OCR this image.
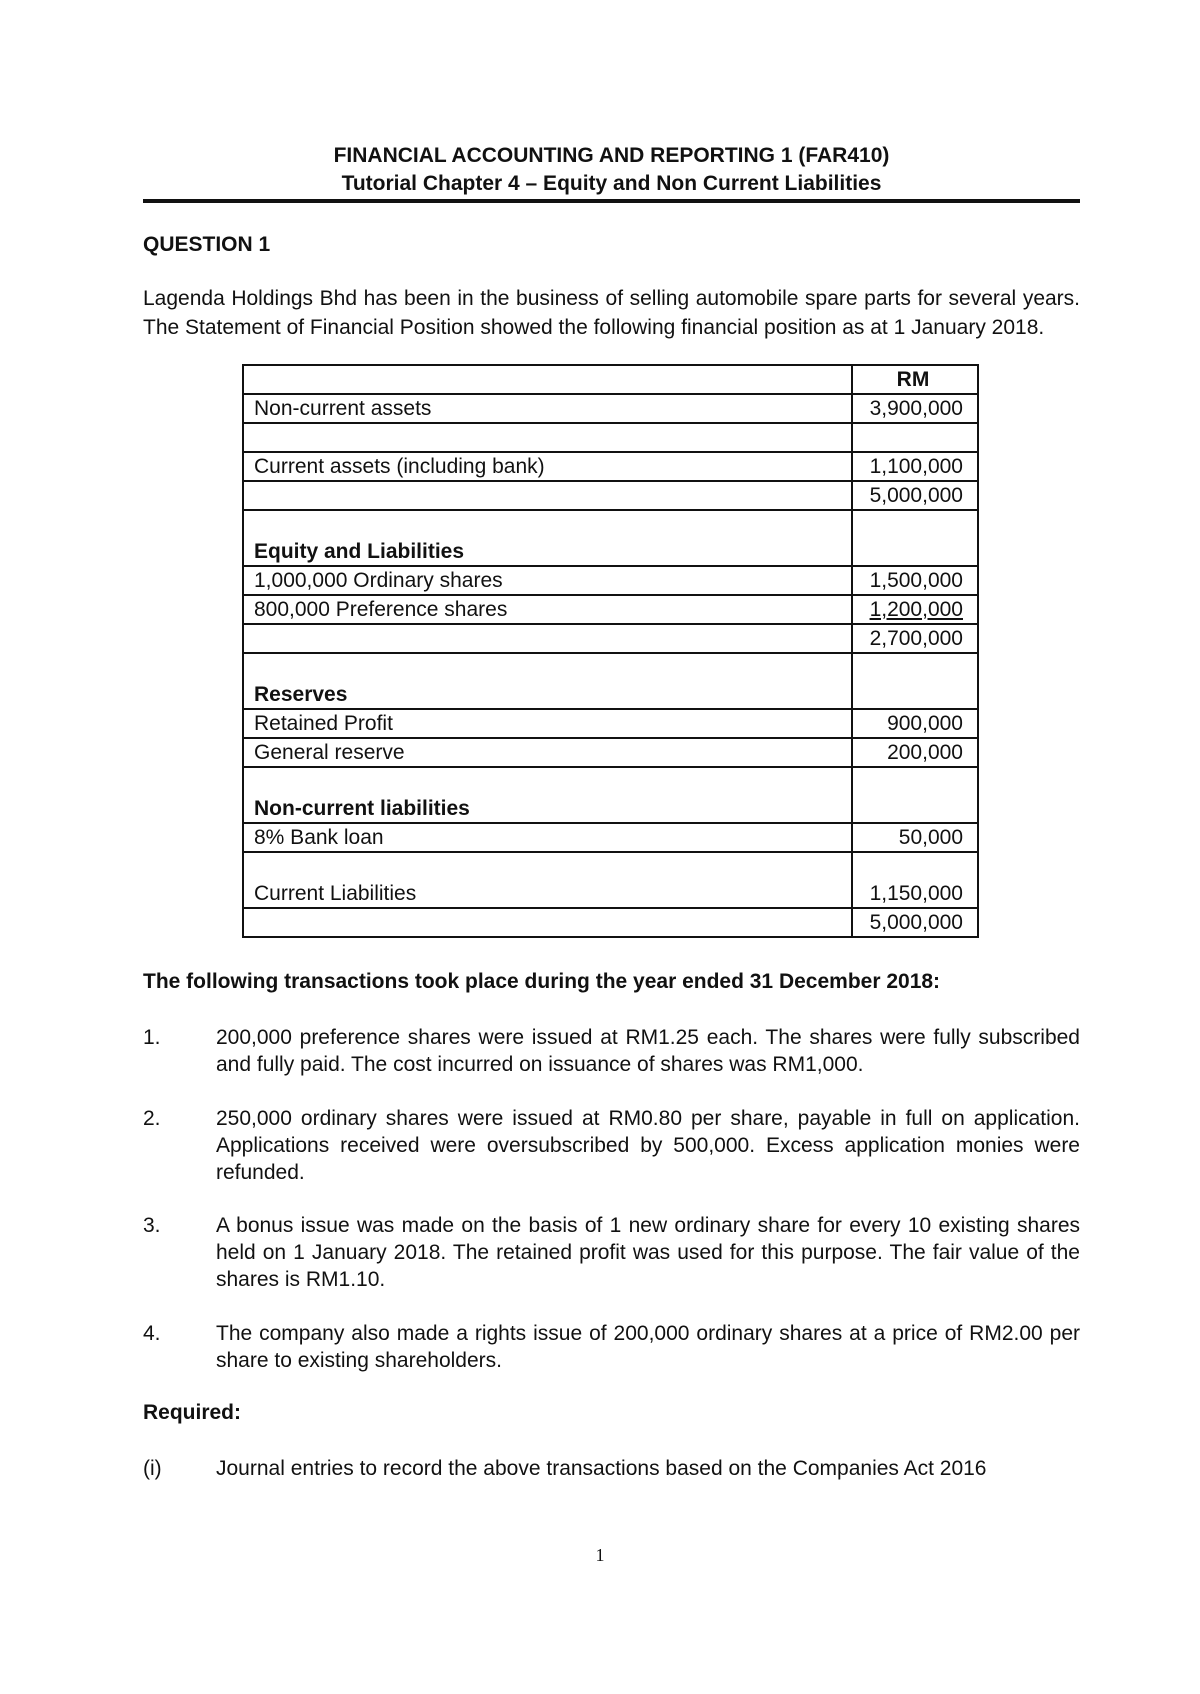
FINANCIAL ACCOUNTING AND REPORTING 1 (FAR410)
Tutorial Chapter 4 – Equity and Non Current Liabilities
QUESTION 1
Lagenda Holdings Bhd has been in the business of selling automobile spare parts for several years. The Statement of Financial Position showed the following financial position as at 1 January 2018.
	RM
Non-current assets	3,900,000

Current assets (including bank)	1,100,000
	5,000,000
Equity and Liabilities	
1,000,000 Ordinary shares	1,500,000
800,000 Preference shares	1,200,000
	2,700,000
Reserves	
Retained Profit	900,000
General reserve	200,000
Non-current liabilities	
8% Bank loan	50,000
Current Liabilities	1,150,000
	5,000,000
The following transactions took place during the year ended 31 December 2018:
1.	200,000 preference shares were issued at RM1.25 each. The shares were fully subscribed and fully paid. The cost incurred on issuance of shares was RM1,000.
2.	250,000 ordinary shares were issued at RM0.80 per share, payable in full on application. Applications received were oversubscribed by 500,000. Excess application monies were refunded.
3.	A bonus issue was made on the basis of 1 new ordinary share for every 10 existing shares held on 1 January 2018. The retained profit was used for this purpose. The fair value of the shares is RM1.10.
4.	The company also made a rights issue of 200,000 ordinary shares at a price of RM2.00 per share to existing shareholders.
Required:
(i)	Journal entries to record the above transactions based on the Companies Act 2016
1
